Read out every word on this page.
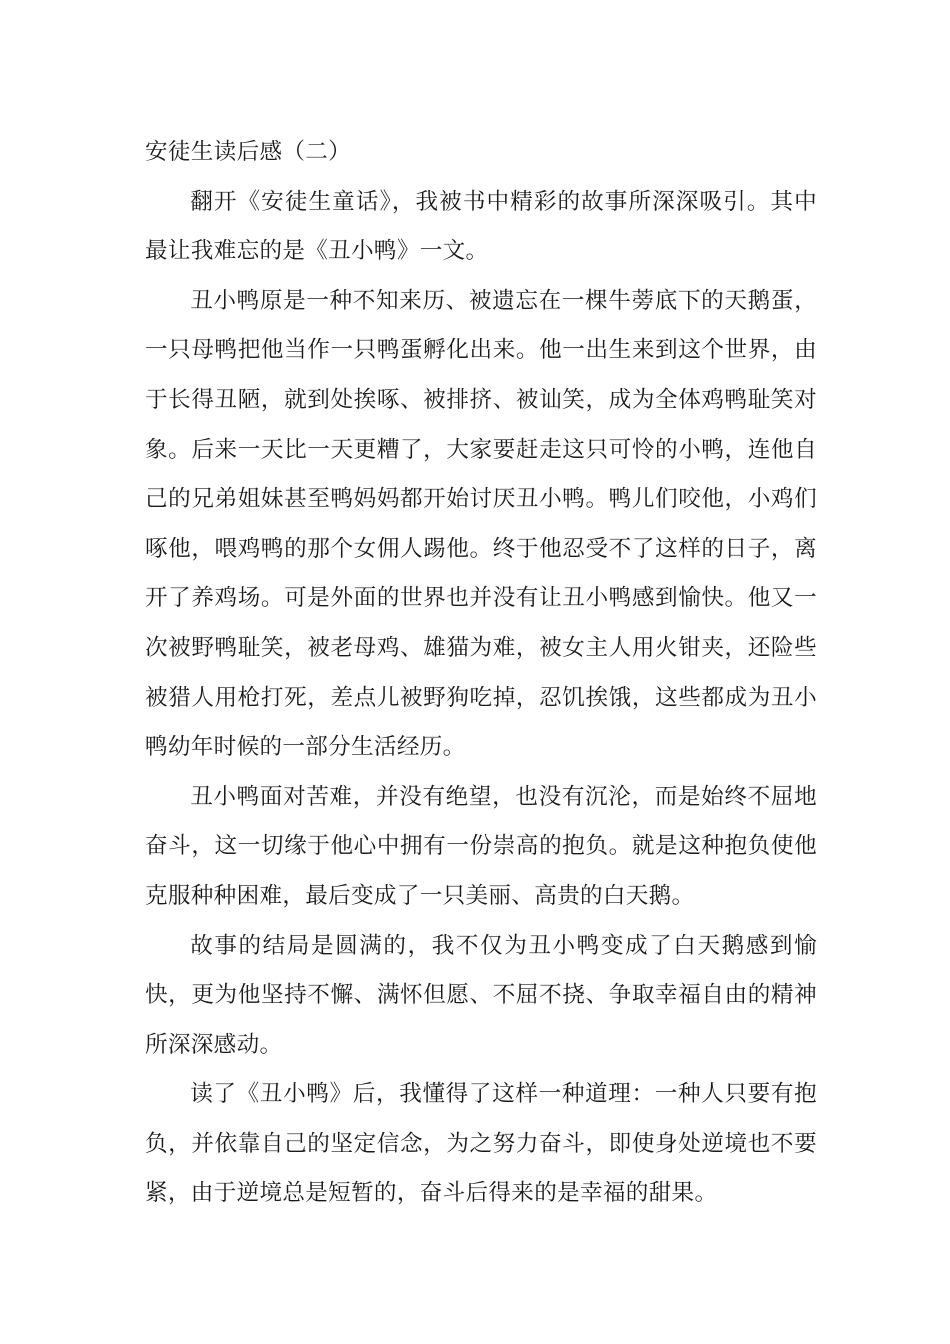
安徒生读后感（二）

翻开《安徒生童话》，我被书中精彩的故事所深深吸引。其中最让我难忘的是《丑小鸭》一文。

丑小鸭原是一种不知来历、被遗忘在一棵牛蒡底下的天鹅蛋，一只母鸭把他当作一只鸭蛋孵化出来。他一出生来到这个世界，由于长得丑陋，就到处挨啄、被排挤、被讪笑，成为全体鸡鸭耻笑对象。后来一天比一天更糟了，大家要赶走这只可怜的小鸭，连他自己的兄弟姐妹甚至鸭妈妈都开始讨厌丑小鸭。鸭儿们咬他，小鸡们啄他，喂鸡鸭的那个女佣人踢他。终于他忍受不了这样的日子，离开了养鸡场。可是外面的世界也并没有让丑小鸭感到愉快。他又一次被野鸭耻笑，被老母鸡、雄猫为难，被女主人用火钳夹，还险些被猎人用枪打死，差点儿被野狗吃掉，忍饥挨饿，这些都成为丑小鸭幼年时候的一部分生活经历。

丑小鸭面对苦难，并没有绝望，也没有沉沦，而是始终不屈地奋斗，这一切缘于他心中拥有一份崇高的抱负。就是这种抱负使他克服种种困难，最后变成了一只美丽、高贵的白天鹅。

故事的结局是圆满的，我不仅为丑小鸭变成了白天鹅感到愉快，更为他坚持不懈、满怀但愿、不屈不挠、争取幸福自由的精神所深深感动。

读了《丑小鸭》后，我懂得了这样一种道理：一种人只要有抱负，并依靠自己的坚定信念，为之努力奋斗，即使身处逆境也不要紧，由于逆境总是短暂的，奋斗后得来的是幸福的甜果。
